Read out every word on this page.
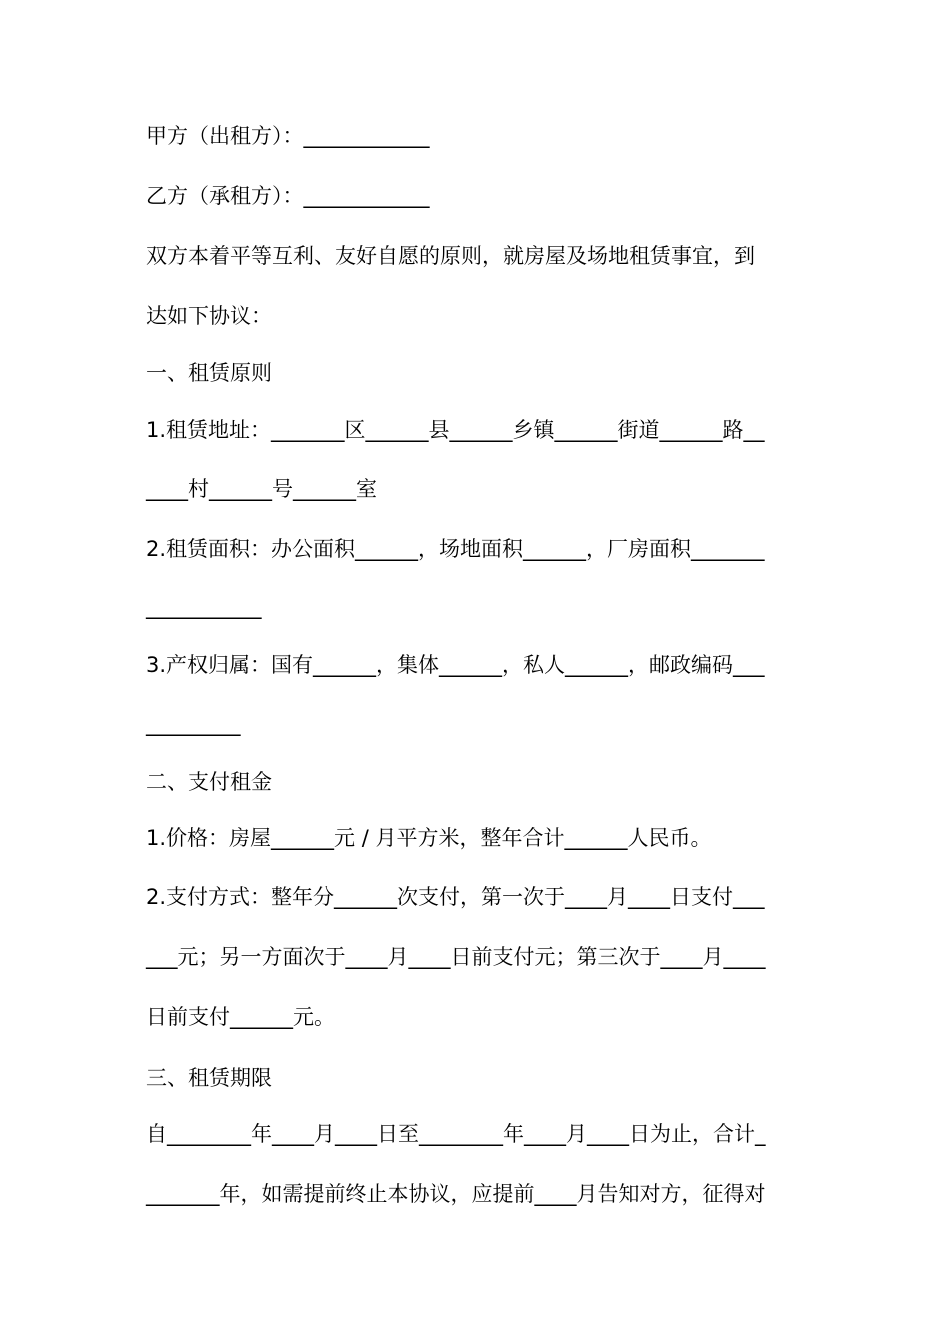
甲方（出租方）：____________
乙方（承租方）：____________
双方本着平等互利、友好自愿的原则，就房屋及场地租赁事宜，到
达如下协议：
一、租赁原则
1.租赁地址：_______区______县______乡镇______街道______路__
____村______号______室
2.租赁面积：办公面积______，场地面积______，厂房面积_______
___________
3.产权归属：国有______，集体______，私人______，邮政编码___
_________
二、支付租金
1.价格：房屋______元 / 月平方米，整年合计______人民币。
2.支付方式：整年分______次支付，第一次于____月____日支付___
___元；另一方面次于____月____日前支付元；第三次于____月____
日前支付______元。
三、租赁期限
自________年____月____日至________年____月____日为止，合计_
_______年，如需提前终止本协议，应提前____月告知对方，征得对
